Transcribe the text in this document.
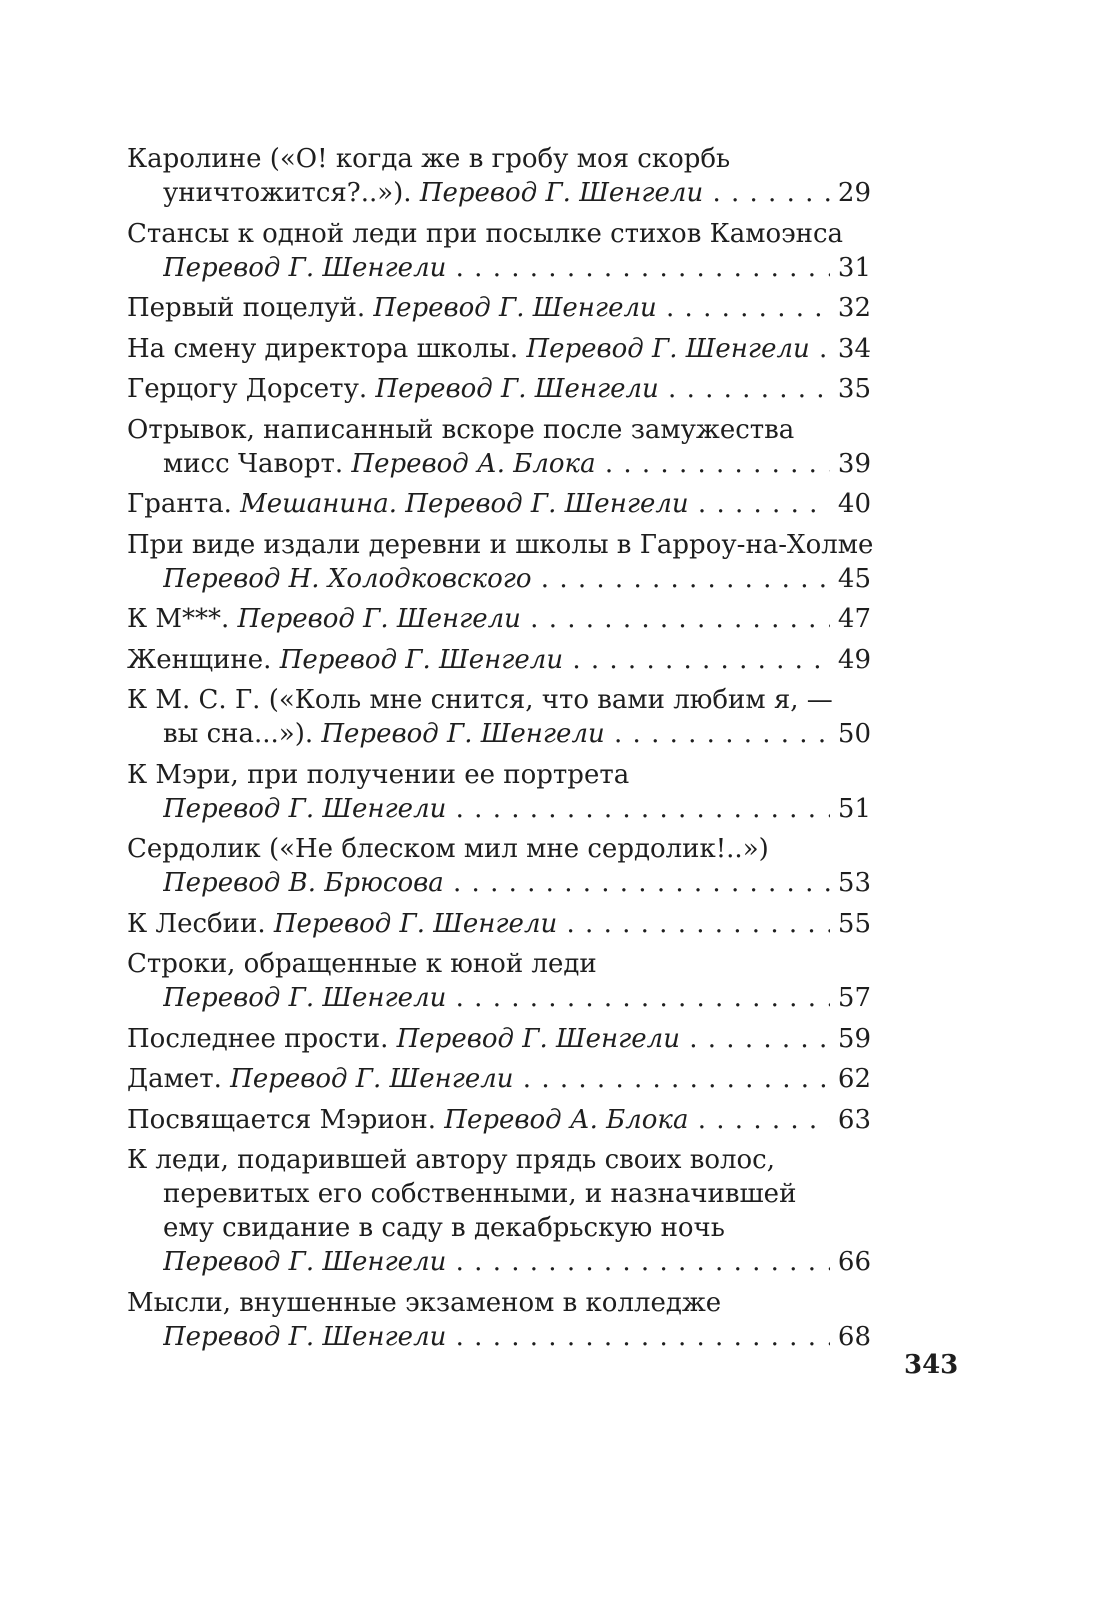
Каролине («О! когда же в гробу моя скорбь
уничтожится?..»). Перевод Г. Шенгели . . .	29
Стансы к одной леди при посылке стихов Камоэнса
Перевод Г. Шенгели . . .	31
Первый поцелуй. Перевод Г. Шенгели . . .	32
На смену директора школы. Перевод Г. Шенгели . . .	34
Герцогу Дорсету. Перевод Г. Шенгели . . .	35
Отрывок, написанный вскоре после замужества
мисс Чаворт. Перевод А. Блока . . .	39
Гранта. Мешанина. Перевод Г. Шенгели . . .	40
При виде издали деревни и школы в Гарроу-на-Холме
Перевод Н. Холодковского . . .	45
К М***. Перевод Г. Шенгели . . .	47
Женщине. Перевод Г. Шенгели . . .	49
К М. С. Г. («Коль мне снится, что вами любим я, —
вы сна...»). Перевод Г. Шенгели . . .	50
К Мэри, при получении ее портрета
Перевод Г. Шенгели . . .	51
Сердолик («Не блеском мил мне сердолик!..»)
Перевод В. Брюсова . . .	53
К Лесбии. Перевод Г. Шенгели . . .	55
Строки, обращенные к юной леди
Перевод Г. Шенгели . . .	57
Последнее прости. Перевод Г. Шенгели . . .	59
Дамет. Перевод Г. Шенгели . . .	62
Посвящается Мэрион. Перевод А. Блока . . .	63
К леди, подарившей автору прядь своих волос,
перевитых его собственными, и назначившей
ему свидание в саду в декабрьскую ночь
Перевод Г. Шенгели . . .	66
Мысли, внушенные экзаменом в колледже
Перевод Г. Шенгели . . .	68
343
